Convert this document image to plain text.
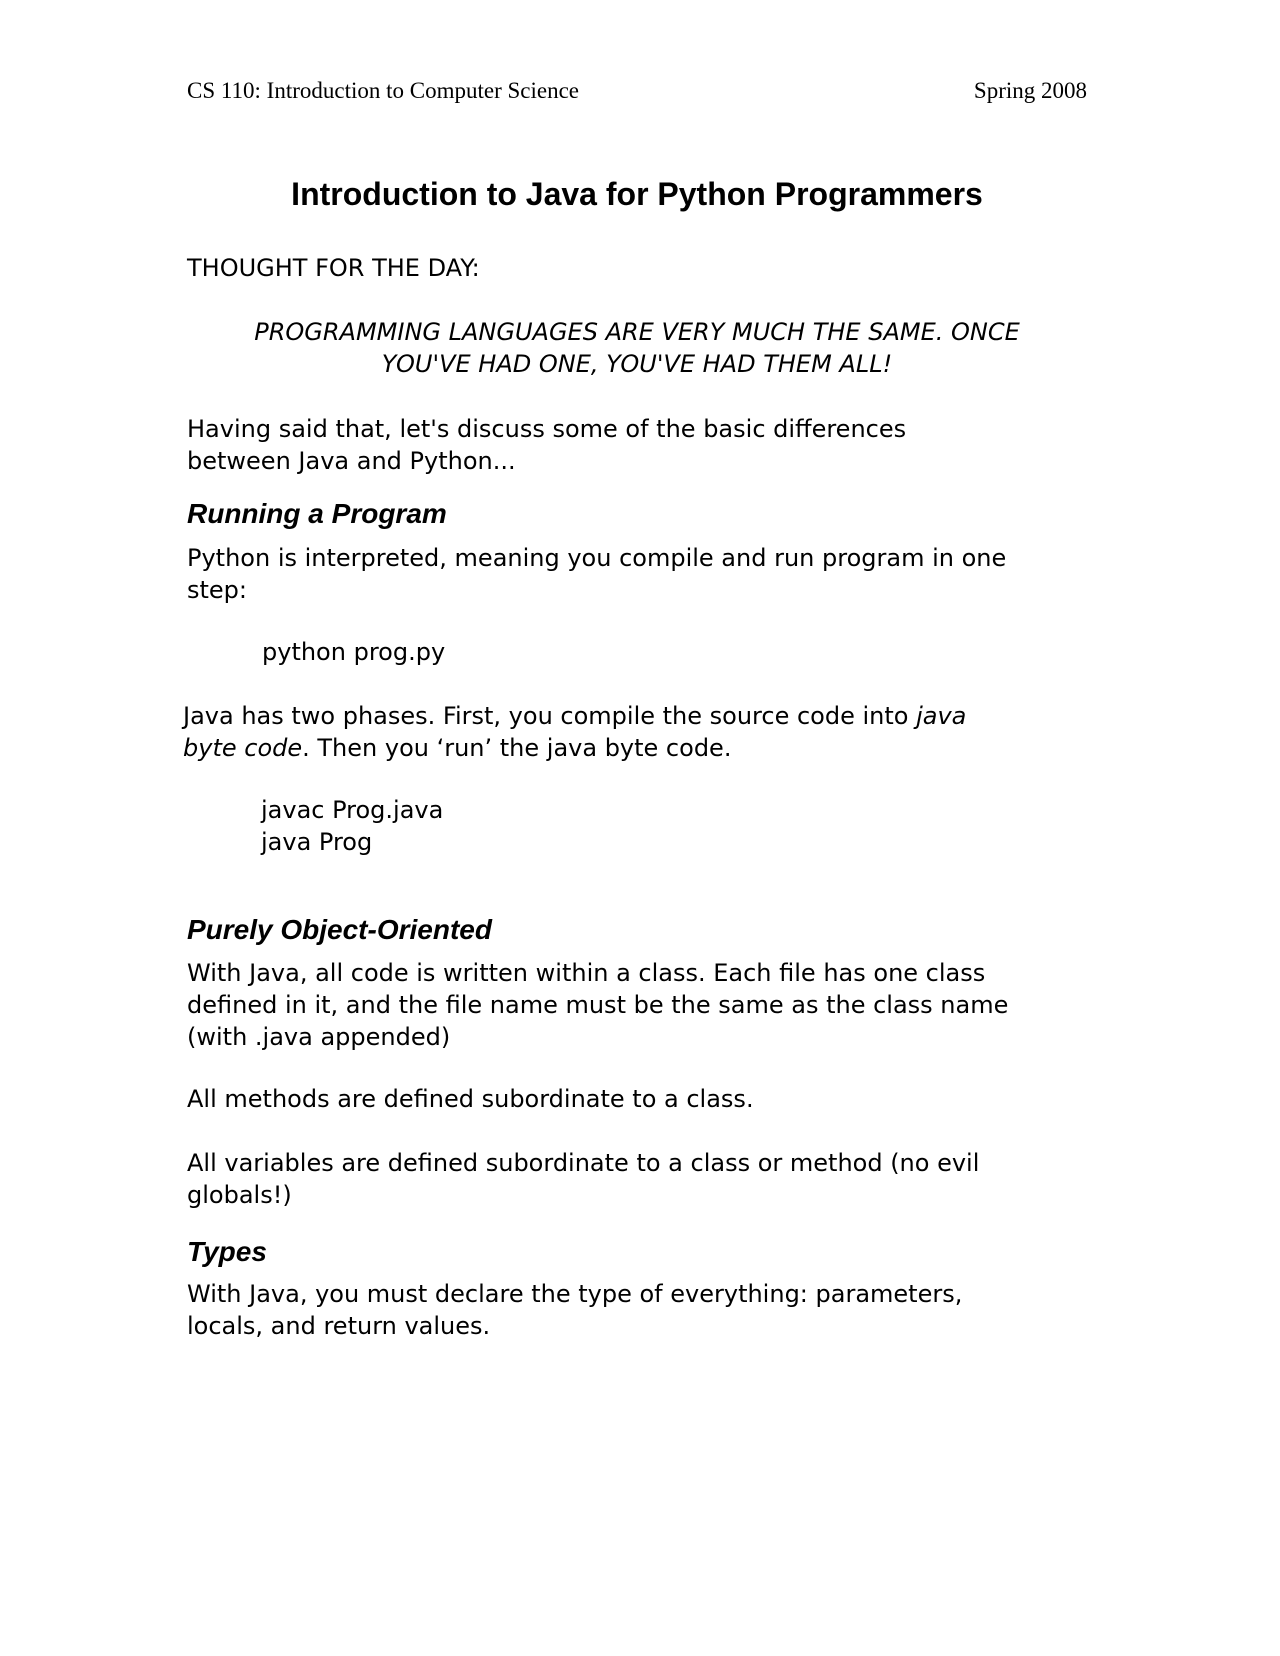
CS 110: Introduction to Computer Science	Spring 2008
Introduction to Java for Python Programmers

THOUGHT FOR THE DAY:

PROGRAMMING LANGUAGES ARE VERY MUCH THE SAME. ONCE
YOU'VE HAD ONE, YOU'VE HAD THEM ALL!

Having said that, let's discuss some of the basic differences
between Java and Python...

Running a Program

Python is interpreted, meaning you compile and run program in one
step:

python prog.py

Java has two phases. First, you compile the source code into java
byte code. Then you ‘run’ the java byte code.

javac Prog.java
java Prog

Purely Object-Oriented

With Java, all code is written within a class. Each file has one class
defined in it, and the file name must be the same as the class name
(with .java appended)

All methods are defined subordinate to a class.

All variables are defined subordinate to a class or method (no evil
globals!)

Types

With Java, you must declare the type of everything: parameters,
locals, and return values.
